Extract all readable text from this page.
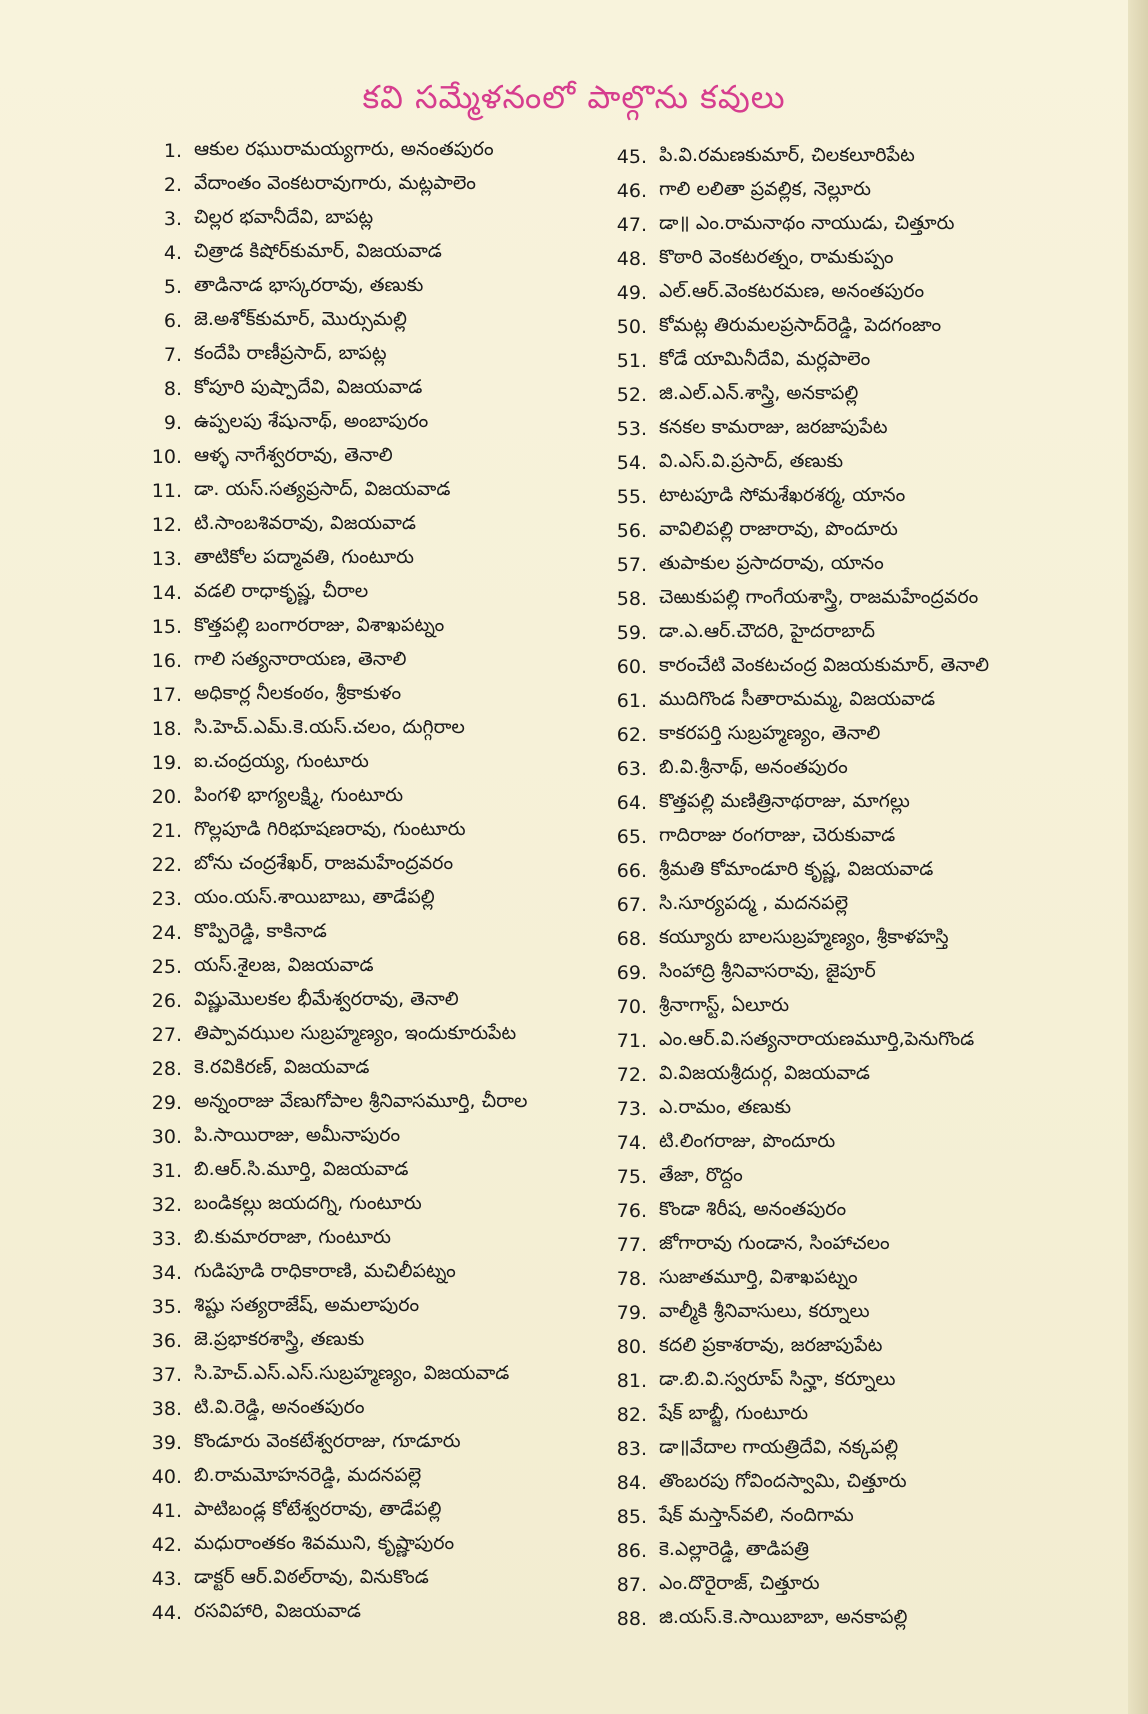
కవి సమ్మేళనంలో పాల్గొను కవులు
1. ఆకుల రఘురామయ్యగారు, అనంతపురం
2. వేదాంతం వెంకటరావుగారు, మట్లపాలెం
3. చిల్లర భవానీదేవి, బాపట్ల
4. చిత్రాడ కిషోర్‌కుమార్, విజయవాడ
5. తాడినాడ భాస్కరరావు, తణుకు
6. జె.అశోక్‌కుమార్, మొర్సుమల్లి
7. కందేపి రాణీప్రసాద్, బాపట్ల
8. కోపూరి పుష్పాదేవి, విజయవాడ
9. ఉప్పలపు శేషునాథ్, అంబాపురం
10. ఆళ్ళ నాగేశ్వరరావు, తెనాలి
11. డా. యస్.సత్యప్రసాద్, విజయవాడ
12. టి.సాంబశివరావు, విజయవాడ
13. తాటికోల పద్మావతి, గుంటూరు
14. వడలి రాధాకృష్ణ, చీరాల
15. కొత్తపల్లి బంగారరాజు, విశాఖపట్నం
16. గాలి సత్యనారాయణ, తెనాలి
17. అధికార్ల నీలకంఠం, శ్రీకాకుళం
18. సి.హెచ్.ఎమ్.కె.యస్.చలం, దుగ్గిరాల
19. ఐ.చంద్రయ్య, గుంటూరు
20. పింగళి భాగ్యలక్ష్మి, గుంటూరు
21. గొల్లపూడి గిరిభూషణరావు, గుంటూరు
22. బోను చంద్రశేఖర్, రాజమహేంద్రవరం
23. యం.యస్.శాయిబాబు, తాడేపల్లి
24. కొప్పిరెడ్డి, కాకినాడ
25. యస్.శైలజ, విజయవాడ
26. విష్ణుమొలకల భీమేశ్వరరావు, తెనాలి
27. తిప్పావఝుల సుబ్రహ్మణ్యం, ఇందుకూరుపేట
28. కె.రవికిరణ్, విజయవాడ
29. అన్నంరాజు వేణుగోపాల శ్రీనివాసమూర్తి, చీరాల
30. పి.సాయిరాజు, అమీనాపురం
31. బి.ఆర్.సి.మూర్తి, విజయవాడ
32. బండికల్లు జయదగ్ని, గుంటూరు
33. బి.కుమారరాజా, గుంటూరు
34. గుడిపూడి రాధికారాణి, మచిలీపట్నం
35. శిష్టు సత్యరాజేష్, అమలాపురం
36. జె.ప్రభాకరశాస్త్రి, తణుకు
37. సి.హెచ్.ఎస్.ఎస్.సుబ్రహ్మణ్యం, విజయవాడ
38. టి.వి.రెడ్డి, అనంతపురం
39. కొండూరు వెంకటేశ్వరరాజు, గూడూరు
40. బి.రామమోహనరెడ్డి, మదనపల్లె
41. పాటిబండ్ల కోటేశ్వరరావు, తాడేపల్లి
42. మధురాంతకం శివముని, కృష్ణాపురం
43. డాక్టర్ ఆర్.విఠల్‌రావు, వినుకొండ
44. రసవిహారి, విజయవాడ
45. పి.వి.రమణకుమార్, చిలకలూరిపేట
46. గాలి లలితా ప్రవల్లిక, నెల్లూరు
47. డా॥ ఎం.రామనాథం నాయుడు, చిత్తూరు
48. కొఠారి వెంకటరత్నం, రామకుప్పం
49. ఎల్.ఆర్.వెంకటరమణ, అనంతపురం
50. కోమట్ల తిరుమలప్రసాద్‌రెడ్డి, పెదగంజాం
51. కోడే యామినీదేవి, మర్లపాలెం
52. జి.ఎల్.ఎన్.శాస్త్రి, అనకాపల్లి
53. కనకల కామరాజు, జరజాపుపేట
54. వి.ఎస్.వి.ప్రసాద్, తణుకు
55. టాటపూడి సోమశేఖరశర్మ, యానం
56. వావిలిపల్లి రాజారావు, పొందూరు
57. తుపాకుల ప్రసాదరావు, యానం
58. చెఱుకుపల్లి గాంగేయశాస్త్రి, రాజమహేంద్రవరం
59. డా.ఎ.ఆర్.చౌదరి, హైదరాబాద్
60. కారంచేటి వెంకటచంద్ర విజయకుమార్, తెనాలి
61. ముదిగొండ సీతారామమ్మ, విజయవాడ
62. కాకరపర్తి సుబ్రహ్మణ్యం, తెనాలి
63. బి.వి.శ్రీనాథ్, అనంతపురం
64. కొత్తపల్లి మణిత్రినాథరాజు, మాగల్లు
65. గాదిరాజు రంగరాజు, చెరుకువాడ
66. శ్రీమతి కోమాండూరి కృష్ణ, విజయవాడ
67. సి.సూర్యపద్మ , మదనపల్లె
68. కయ్యూరు బాలసుబ్రహ్మణ్యం, శ్రీకాళహస్తి
69. సింహాద్రి శ్రీనివాసరావు, జైపూర్
70. శ్రీనాగాస్ట్, ఏలూరు
71. ఎం.ఆర్.వి.సత్యనారాయణమూర్తి,పెనుగొండ
72. వి.విజయశ్రీదుర్గ, విజయవాడ
73. ఎ.రామం, తణుకు
74. టి.లింగరాజు, పొందూరు
75. తేజా, రొద్దం
76. కొండా శిరీష, అనంతపురం
77. జోగారావు గుండాన, సింహాచలం
78. సుజాతమూర్తి, విశాఖపట్నం
79. వాల్మీకి శ్రీనివాసులు, కర్నూలు
80. కదలి ప్రకాశరావు, జరజాపుపేట
81. డా.బి.వి.స్వరూప్ సిన్హా, కర్నూలు
82. షేక్ బాబ్జీ, గుంటూరు
83. డా॥వేదాల గాయత్రిదేవి, నక్కపల్లి
84. తొంబరపు గోవిందస్వామి, చిత్తూరు
85. షేక్ మస్తాన్‌వలి, నందిగామ
86. కె.ఎల్లారెడ్డి, తాడిపత్రి
87. ఎం.దొరైరాజ్, చిత్తూరు
88. జి.యస్.కె.సాయిబాబా, అనకాపల్లి
